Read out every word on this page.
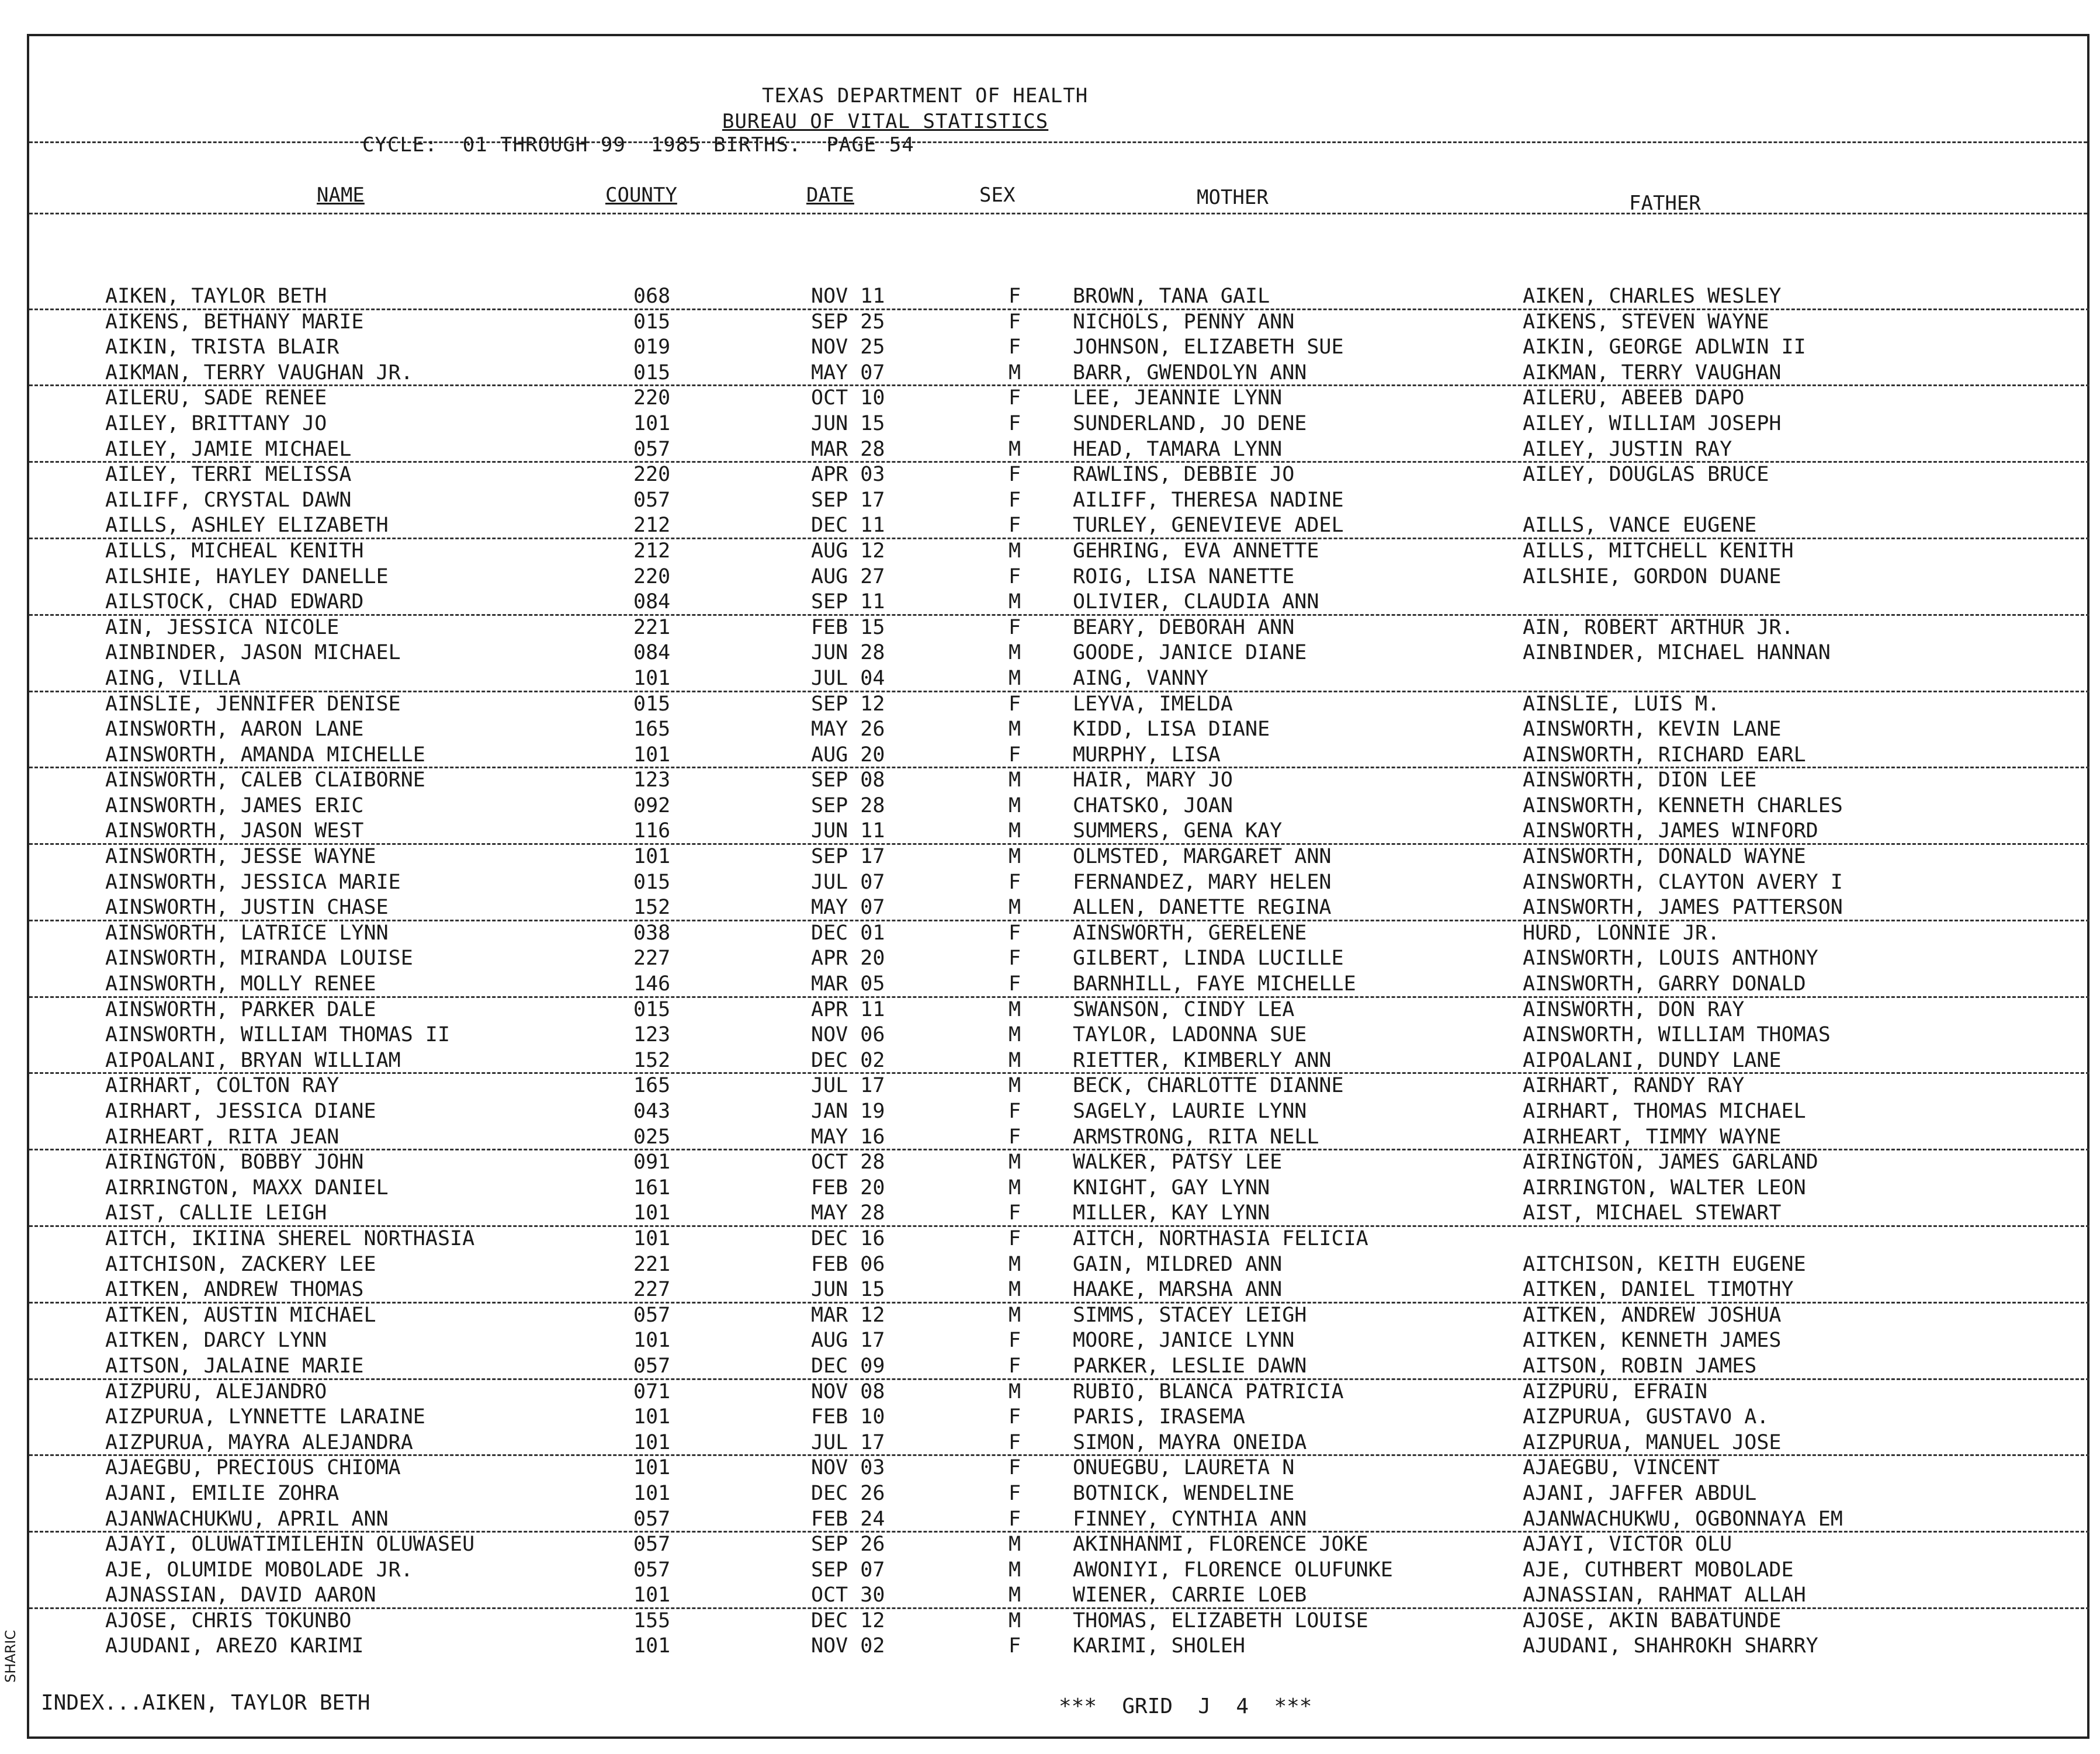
TEXAS DEPARTMENT OF HEALTH
BUREAU OF VITAL STATISTICS
CYCLE:  01 THROUGH 99  1985 BIRTHS.  PAGE 54
NAME	COUNTY	DATE	SEX	MOTHER	FATHER
AIKEN, TAYLOR BETH	068	NOV 11	F	BROWN, TANA GAIL	AIKEN, CHARLES WESLEY
AIKENS, BETHANY MARIE	015	SEP 25	F	NICHOLS, PENNY ANN	AIKENS, STEVEN WAYNE
AIKIN, TRISTA BLAIR	019	NOV 25	F	JOHNSON, ELIZABETH SUE	AIKIN, GEORGE ADLWIN II
AIKMAN, TERRY VAUGHAN JR.	015	MAY 07	M	BARR, GWENDOLYN ANN	AIKMAN, TERRY VAUGHAN
AILERU, SADE RENEE	220	OCT 10	F	LEE, JEANNIE LYNN	AILERU, ABEEB DAPO
AILEY, BRITTANY JO	101	JUN 15	F	SUNDERLAND, JO DENE	AILEY, WILLIAM JOSEPH
AILEY, JAMIE MICHAEL	057	MAR 28	M	HEAD, TAMARA LYNN	AILEY, JUSTIN RAY
AILEY, TERRI MELISSA	220	APR 03	F	RAWLINS, DEBBIE JO	AILEY, DOUGLAS BRUCE
AILIFF, CRYSTAL DAWN	057	SEP 17	F	AILIFF, THERESA NADINE
AILLS, ASHLEY ELIZABETH	212	DEC 11	F	TURLEY, GENEVIEVE ADEL	AILLS, VANCE EUGENE
AILLS, MICHEAL KENITH	212	AUG 12	M	GEHRING, EVA ANNETTE	AILLS, MITCHELL KENITH
AILSHIE, HAYLEY DANELLE	220	AUG 27	F	ROIG, LISA NANETTE	AILSHIE, GORDON DUANE
AILSTOCK, CHAD EDWARD	084	SEP 11	M	OLIVIER, CLAUDIA ANN
AIN, JESSICA NICOLE	221	FEB 15	F	BEARY, DEBORAH ANN	AIN, ROBERT ARTHUR JR.
AINBINDER, JASON MICHAEL	084	JUN 28	M	GOODE, JANICE DIANE	AINBINDER, MICHAEL HANNAN
AING, VILLA	101	JUL 04	M	AING, VANNY
AINSLIE, JENNIFER DENISE	015	SEP 12	F	LEYVA, IMELDA	AINSLIE, LUIS M.
AINSWORTH, AARON LANE	165	MAY 26	M	KIDD, LISA DIANE	AINSWORTH, KEVIN LANE
AINSWORTH, AMANDA MICHELLE	101	AUG 20	F	MURPHY, LISA	AINSWORTH, RICHARD EARL
AINSWORTH, CALEB CLAIBORNE	123	SEP 08	M	HAIR, MARY JO	AINSWORTH, DION LEE
AINSWORTH, JAMES ERIC	092	SEP 28	M	CHATSKO, JOAN	AINSWORTH, KENNETH CHARLES
AINSWORTH, JASON WEST	116	JUN 11	M	SUMMERS, GENA KAY	AINSWORTH, JAMES WINFORD
AINSWORTH, JESSE WAYNE	101	SEP 17	M	OLMSTED, MARGARET ANN	AINSWORTH, DONALD WAYNE
AINSWORTH, JESSICA MARIE	015	JUL 07	F	FERNANDEZ, MARY HELEN	AINSWORTH, CLAYTON AVERY I
AINSWORTH, JUSTIN CHASE	152	MAY 07	M	ALLEN, DANETTE REGINA	AINSWORTH, JAMES PATTERSON
AINSWORTH, LATRICE LYNN	038	DEC 01	F	AINSWORTH, GERELENE	HURD, LONNIE JR.
AINSWORTH, MIRANDA LOUISE	227	APR 20	F	GILBERT, LINDA LUCILLE	AINSWORTH, LOUIS ANTHONY
AINSWORTH, MOLLY RENEE	146	MAR 05	F	BARNHILL, FAYE MICHELLE	AINSWORTH, GARRY DONALD
AINSWORTH, PARKER DALE	015	APR 11	M	SWANSON, CINDY LEA	AINSWORTH, DON RAY
AINSWORTH, WILLIAM THOMAS II	123	NOV 06	M	TAYLOR, LADONNA SUE	AINSWORTH, WILLIAM THOMAS
AIPOALANI, BRYAN WILLIAM	152	DEC 02	M	RIETTER, KIMBERLY ANN	AIPOALANI, DUNDY LANE
AIRHART, COLTON RAY	165	JUL 17	M	BECK, CHARLOTTE DIANNE	AIRHART, RANDY RAY
AIRHART, JESSICA DIANE	043	JAN 19	F	SAGELY, LAURIE LYNN	AIRHART, THOMAS MICHAEL
AIRHEART, RITA JEAN	025	MAY 16	F	ARMSTRONG, RITA NELL	AIRHEART, TIMMY WAYNE
AIRINGTON, BOBBY JOHN	091	OCT 28	M	WALKER, PATSY LEE	AIRINGTON, JAMES GARLAND
AIRRINGTON, MAXX DANIEL	161	FEB 20	M	KNIGHT, GAY LYNN	AIRRINGTON, WALTER LEON
AIST, CALLIE LEIGH	101	MAY 28	F	MILLER, KAY LYNN	AIST, MICHAEL STEWART
AITCH, IKIINA SHEREL NORTHASIA	101	DEC 16	F	AITCH, NORTHASIA FELICIA
AITCHISON, ZACKERY LEE	221	FEB 06	M	GAIN, MILDRED ANN	AITCHISON, KEITH EUGENE
AITKEN, ANDREW THOMAS	227	JUN 15	M	HAAKE, MARSHA ANN	AITKEN, DANIEL TIMOTHY
AITKEN, AUSTIN MICHAEL	057	MAR 12	M	SIMMS, STACEY LEIGH	AITKEN, ANDREW JOSHUA
AITKEN, DARCY LYNN	101	AUG 17	F	MOORE, JANICE LYNN	AITKEN, KENNETH JAMES
AITSON, JALAINE MARIE	057	DEC 09	F	PARKER, LESLIE DAWN	AITSON, ROBIN JAMES
AIZPURU, ALEJANDRO	071	NOV 08	M	RUBIO, BLANCA PATRICIA	AIZPURU, EFRAIN
AIZPURUA, LYNNETTE LARAINE	101	FEB 10	F	PARIS, IRASEMA	AIZPURUA, GUSTAVO A.
AIZPURUA, MAYRA ALEJANDRA	101	JUL 17	F	SIMON, MAYRA ONEIDA	AIZPURUA, MANUEL JOSE
AJAEGBU, PRECIOUS CHIOMA	101	NOV 03	F	ONUEGBU, LAURETA N	AJAEGBU, VINCENT
AJANI, EMILIE ZOHRA	101	DEC 26	F	BOTNICK, WENDELINE	AJANI, JAFFER ABDUL
AJANWACHUKWU, APRIL ANN	057	FEB 24	F	FINNEY, CYNTHIA ANN	AJANWACHUKWU, OGBONNAYA EM
AJAYI, OLUWATIMILEHIN OLUWASEU	057	SEP 26	M	AKINHANMI, FLORENCE JOKE	AJAYI, VICTOR OLU
AJE, OLUMIDE MOBOLADE JR.	057	SEP 07	M	AWONIYI, FLORENCE OLUFUNKE	AJE, CUTHBERT MOBOLADE
AJNASSIAN, DAVID AARON	101	OCT 30	M	WIENER, CARRIE LOEB	AJNASSIAN, RAHMAT ALLAH
AJOSE, CHRIS TOKUNBO	155	DEC 12	M	THOMAS, ELIZABETH LOUISE	AJOSE, AKIN BABATUNDE
AJUDANI, AREZO KARIMI	101	NOV 02	F	KARIMI, SHOLEH	AJUDANI, SHAHROKH SHARRY
INDEX...AIKEN, TAYLOR BETH	***  GRID  J  4  ***
SHARIC
